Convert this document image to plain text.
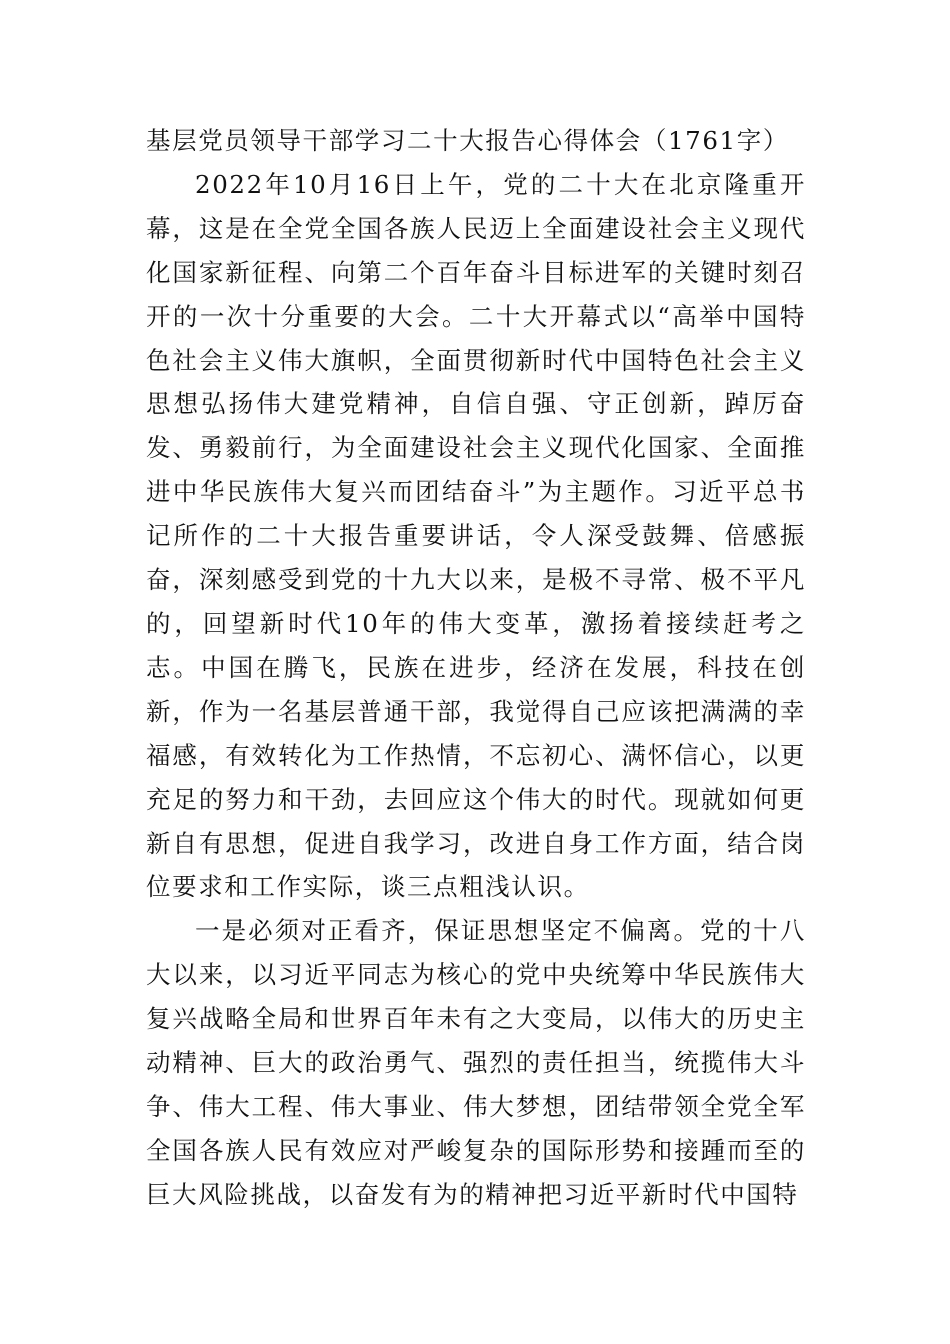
基层党员领导干部学习二十大报告心得体会（1761字）

2022年10月16日上午，党的二十大在北京隆重开幕，这是在全党全国各族人民迈上全面建设社会主义现代化国家新征程、向第二个百年奋斗目标进军的关键时刻召开的一次十分重要的大会。二十大开幕式以“高举中国特色社会主义伟大旗帜，全面贯彻新时代中国特色社会主义思想弘扬伟大建党精神，自信自强、守正创新，踔厉奋发、勇毅前行，为全面建设社会主义现代化国家、全面推进中华民族伟大复兴而团结奋斗”为主题作。习近平总书记所作的二十大报告重要讲话，令人深受鼓舞、倍感振奋，深刻感受到党的十九大以来，是极不寻常、极不平凡的，回望新时代10年的伟大变革，激扬着接续赶考之志。中国在腾飞，民族在进步，经济在发展，科技在创新，作为一名基层普通干部，我觉得自己应该把满满的幸福感，有效转化为工作热情，不忘初心、满怀信心，以更充足的努力和干劲，去回应这个伟大的时代。现就如何更新自有思想，促进自我学习，改进自身工作方面，结合岗位要求和工作实际，谈三点粗浅认识。

一是必须对正看齐，保证思想坚定不偏离。党的十八大以来，以习近平同志为核心的党中央统筹中华民族伟大复兴战略全局和世界百年未有之大变局，以伟大的历史主动精神、巨大的政治勇气、强烈的责任担当，统揽伟大斗争、伟大工程、伟大事业、伟大梦想，团结带领全党全军全国各族人民有效应对严峻复杂的国际形势和接踵而至的巨大风险挑战，以奋发有为的精神把习近平新时代中国特
